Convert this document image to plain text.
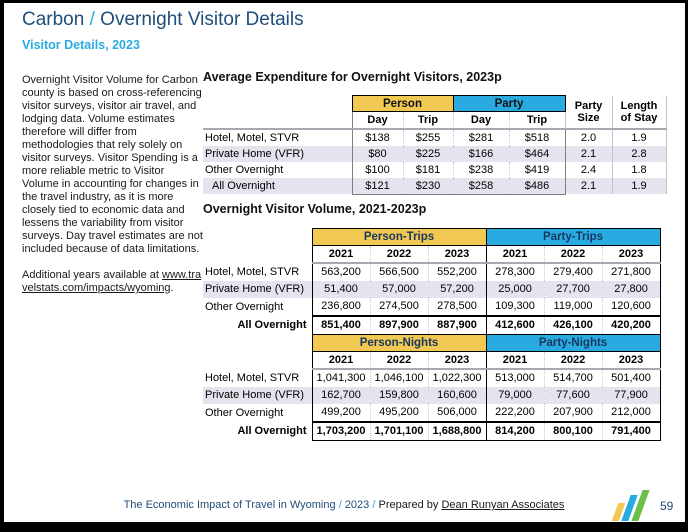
Carbon / Overnight Visitor Details
Visitor Details, 2023

Overnight Visitor Volume for Carbon county is based on cross-referencing visitor surveys, visitor air travel, and lodging data. Volume estimates therefore will differ from methodologies that rely solely on visitor surveys. Visitor Spending is a more reliable metric to Visitor Volume in accounting for changes in the travel industry, as it is more closely tied to economic data and lessens the variability from visitor surveys. Day travel estimates are not included because of data limitations.

Additional years available at www.travelstats.com/impacts/wyoming.

Average Expenditure for Overnight Visitors, 2023p
	Person		Party		Party Size	Length of Stay
	Day	Trip	Day	Trip		
Hotel, Motel, STVR	$138	$255	$281	$518	2.0	1.9
Private Home (VFR)	$80	$225	$166	$464	2.1	2.8
Other Overnight	$100	$181	$238	$419	2.4	1.8
All Overnight	$121	$230	$258	$486	2.1	1.9
Overnight Visitor Volume, 2021-2023p
	Person-Trips			Party-Trips		
	2021	2022	2023	2021	2022	2023
Hotel, Motel, STVR	563,200	566,500	552,200	278,300	279,400	271,800
Private Home (VFR)	51,400	57,000	57,200	25,000	27,700	27,800
Other Overnight	236,800	274,500	278,500	109,300	119,000	120,600
All Overnight	851,400	897,900	887,900	412,600	426,100	420,200
	Person-Nights			Party-Nights		
	2021	2022	2023	2021	2022	2023
Hotel, Motel, STVR	1,041,300	1,046,100	1,022,300	513,000	514,700	501,400
Private Home (VFR)	162,700	159,800	160,600	79,000	77,600	77,900
Other Overnight	499,200	495,200	506,000	222,200	207,900	212,000
All Overnight	1,703,200	1,701,100	1,688,800	814,200	800,100	791,400
The Economic Impact of Travel in Wyoming / 2023 / Prepared by Dean Runyan Associates	59
